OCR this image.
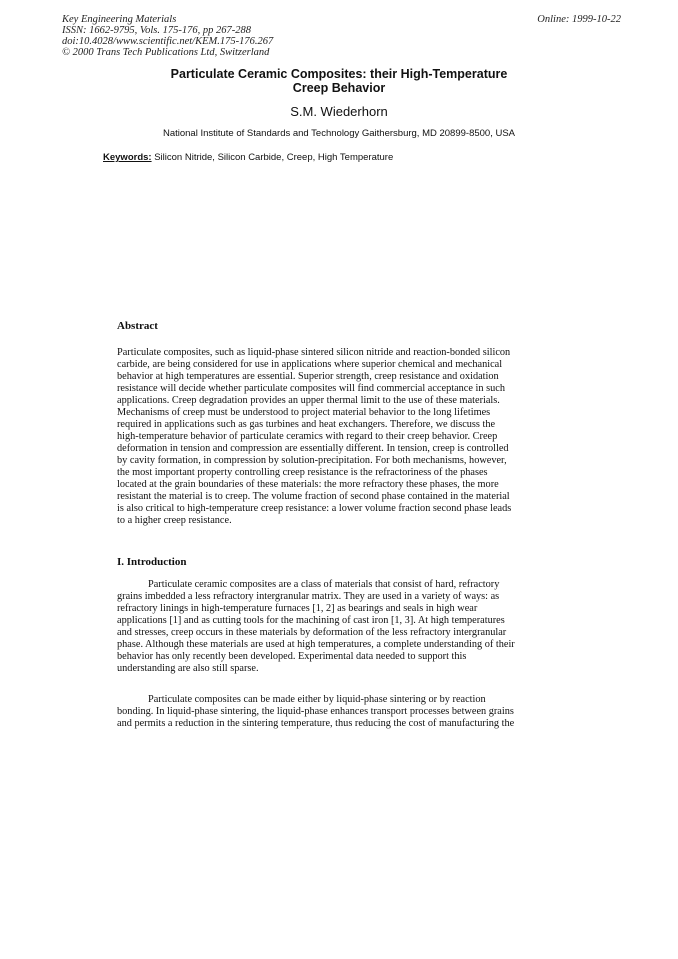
Key Engineering Materials
ISSN: 1662-9795, Vols. 175-176, pp 267-288
doi:10.4028/www.scientific.net/KEM.175-176.267
© 2000 Trans Tech Publications Ltd, Switzerland
Online: 1999-10-22
Particulate Ceramic Composites: their High-Temperature
Creep Behavior
S.M. Wiederhorn
National Institute of Standards and Technology Gaithersburg, MD 20899-8500, USA
Keywords: Silicon Nitride, Silicon Carbide, Creep, High Temperature
Abstract
Particulate composites, such as liquid-phase sintered silicon nitride and reaction-bonded silicon
carbide, are being considered for use in applications where superior chemical and mechanical
behavior at high temperatures are essential. Superior strength, creep resistance and oxidation
resistance will decide whether particulate composites will find commercial acceptance in such
applications. Creep degradation provides an upper thermal limit to the use of these materials.
Mechanisms of creep must be understood to project material behavior to the long lifetimes
required in applications such as gas turbines and heat exchangers. Therefore, we discuss the
high-temperature behavior of particulate ceramics with regard to their creep behavior. Creep
deformation in tension and compression are essentially different. In tension, creep is controlled
by cavity formation, in compression by solution-precipitation. For both mechanisms, however,
the most important property controlling creep resistance is the refractoriness of the phases
located at the grain boundaries of these materials: the more refractory these phases, the more
resistant the material is to creep. The volume fraction of second phase contained in the material
is also critical to high-temperature creep resistance: a lower volume fraction second phase leads
to a higher creep resistance.
I. Introduction
Particulate ceramic composites are a class of materials that consist of hard, refractory
grains imbedded a less refractory intergranular matrix. They are used in a variety of ways: as
refractory linings in high-temperature furnaces [1, 2] as bearings and seals in high wear
applications [1] and as cutting tools for the machining of cast iron [1, 3]. At high temperatures
and stresses, creep occurs in these materials by deformation of the less refractory intergranular
phase. Although these materials are used at high temperatures, a complete understanding of their
behavior has only recently been developed. Experimental data needed to support this
understanding are also still sparse.
Particulate composites can be made either by liquid-phase sintering or by reaction
bonding. In liquid-phase sintering, the liquid-phase enhances transport processes between grains
and permits a reduction in the sintering temperature, thus reducing the cost of manufacturing the
